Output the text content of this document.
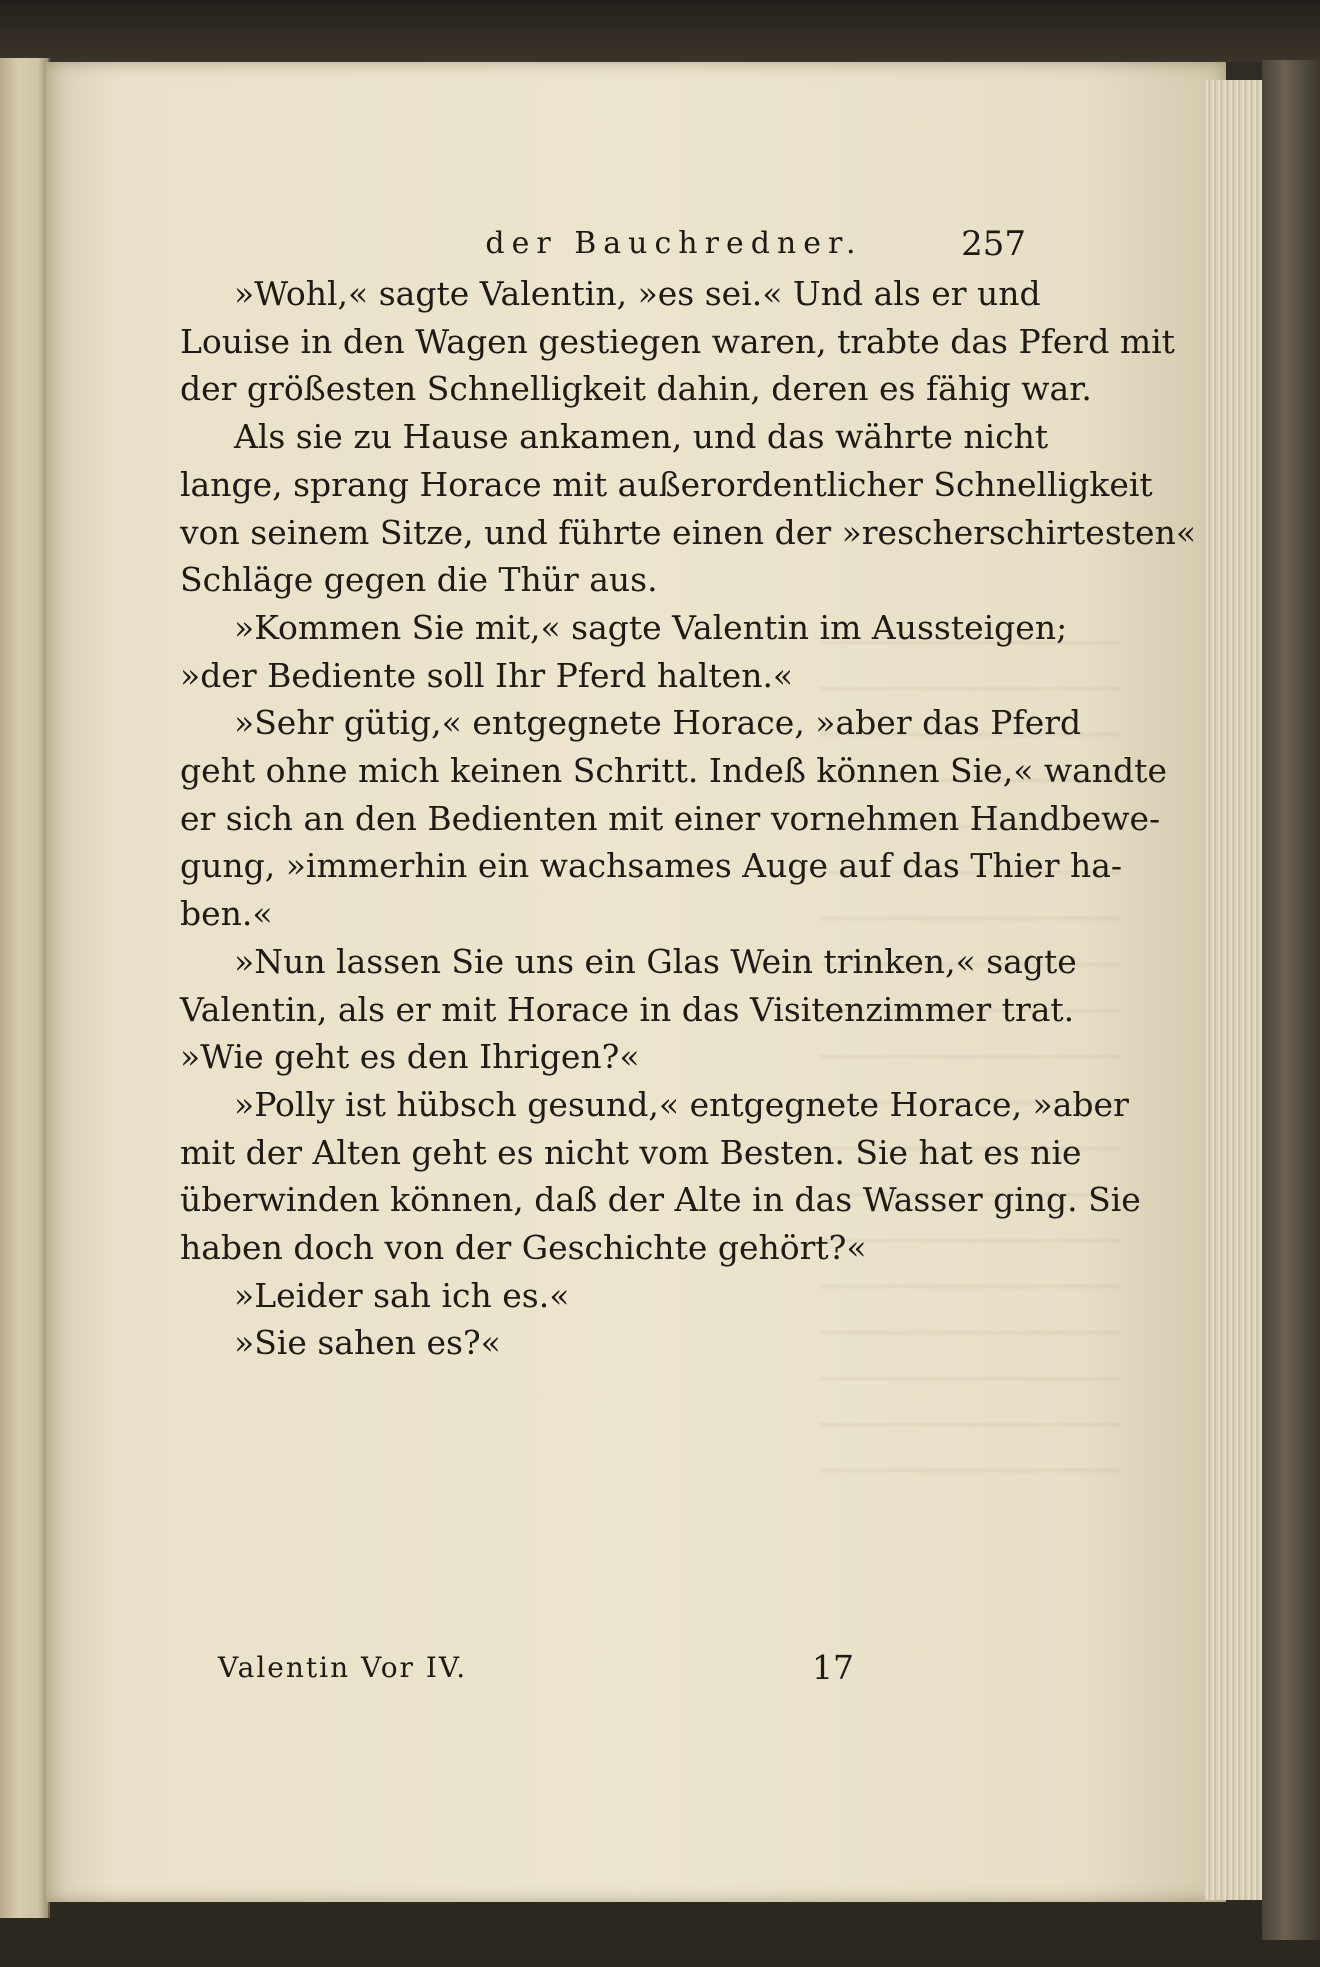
der Bauchredner.	257
»Wohl,« sagte Valentin, »es sei.« Und als er und
Louise in den Wagen gestiegen waren, trabte das Pferd mit
der größesten Schnelligkeit dahin, deren es fähig war.
Als sie zu Hause ankamen, und das währte nicht
lange, sprang Horace mit außerordentlicher Schnelligkeit
von seinem Sitze, und führte einen der »rescherschirtesten«
Schläge gegen die Thür aus.
»Kommen Sie mit,« sagte Valentin im Aussteigen;
»der Bediente soll Ihr Pferd halten.«
»Sehr gütig,« entgegnete Horace, »aber das Pferd
geht ohne mich keinen Schritt. Indeß können Sie,« wandte
er sich an den Bedienten mit einer vornehmen Handbewe-
gung, »immerhin ein wachsames Auge auf das Thier ha-
ben.«
»Nun lassen Sie uns ein Glas Wein trinken,« sagte
Valentin, als er mit Horace in das Visitenzimmer trat.
»Wie geht es den Ihrigen?«
»Polly ist hübsch gesund,« entgegnete Horace, »aber
mit der Alten geht es nicht vom Besten. Sie hat es nie
überwinden können, daß der Alte in das Wasser ging. Sie
haben doch von der Geschichte gehört?«
»Leider sah ich es.«
»Sie sahen es?«
Valentin Vor IV.	17
